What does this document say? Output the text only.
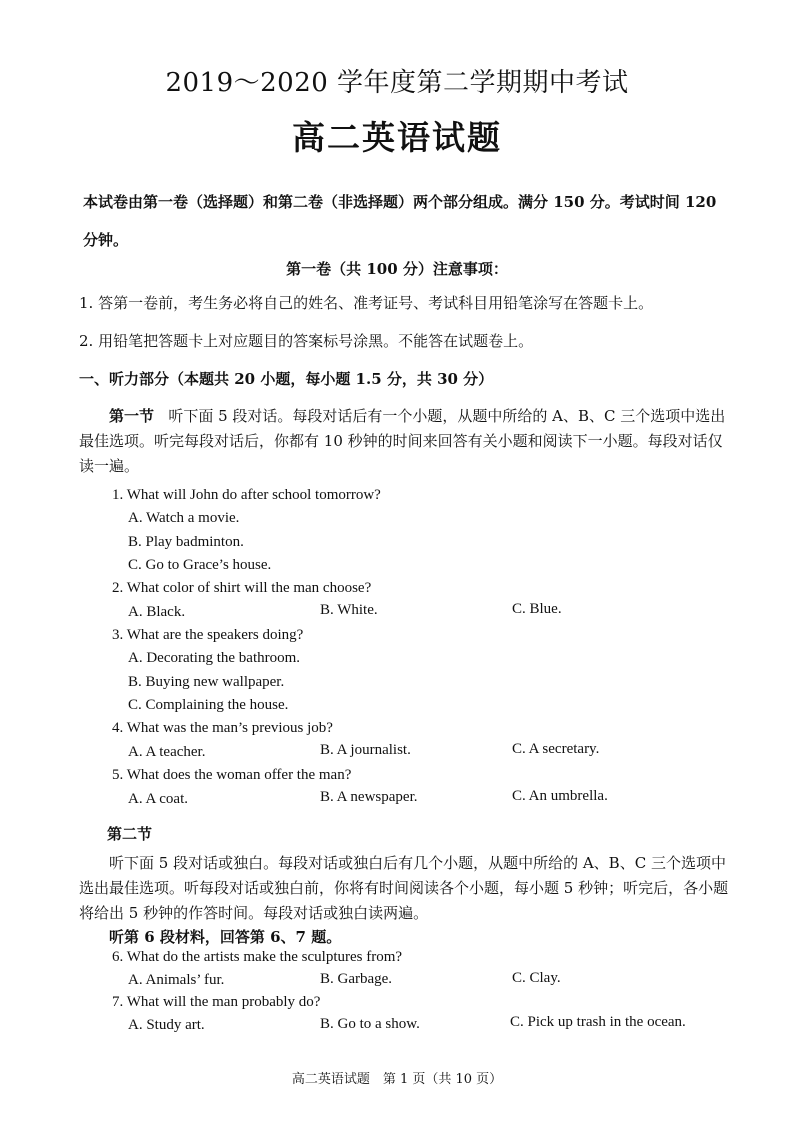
2019～2020 学年度第二学期期中考试
高二英语试题
本试卷由第一卷（选择题）和第二卷（非选择题）两个部分组成。满分 150 分。考试时间 120 分钟。
第一卷（共 100 分）注意事项：
1. 答第一卷前，考生务必将自己的姓名、准考证号、考试科目用铅笔涂写在答题卡上。
2. 用铅笔把答题卡上对应题目的答案标号涂黑。不能答在试题卷上。
一、听力部分（本题共 20 小题，每小题 1.5 分，共 30 分）
第一节 听下面 5 段对话。每段对话后有一个小题，从题中所给的 A、B、C 三个选项中选出最佳选项。听完每段对话后，你都有 10 秒钟的时间来回答有关小题和阅读下一小题。每段对话仅读一遍。
1. What will John do after school tomorrow?
A. Watch a movie.
B. Play badminton.
C. Go to Grace’s house.
2. What color of shirt will the man choose?
A. Black.	B. White.	C. Blue.
3. What are the speakers doing?
A. Decorating the bathroom.
B. Buying new wallpaper.
C. Complaining the house.
4. What was the man’s previous job?
A. A teacher.	B. A journalist.	C. A secretary.
5. What does the woman offer the man?
A. A coat.	B. A newspaper.	C. An umbrella.
第二节
听下面 5 段对话或独白。每段对话或独白后有几个小题，从题中所给的 A、B、C 三个选项中选出最佳选项。听每段对话或独白前，你将有时间阅读各个小题，每小题 5 秒钟；听完后，各小题将给出 5 秒钟的作答时间。每段对话或独白读两遍。
听第 6 段材料，回答第 6、7 题。
6. What do the artists make the sculptures from?
A. Animals’ fur.	B. Garbage.	C. Clay.
7. What will the man probably do?
A. Study art.	B. Go to a show.	C. Pick up trash in the ocean.
高二英语试题　第 1 页（共 10 页）
